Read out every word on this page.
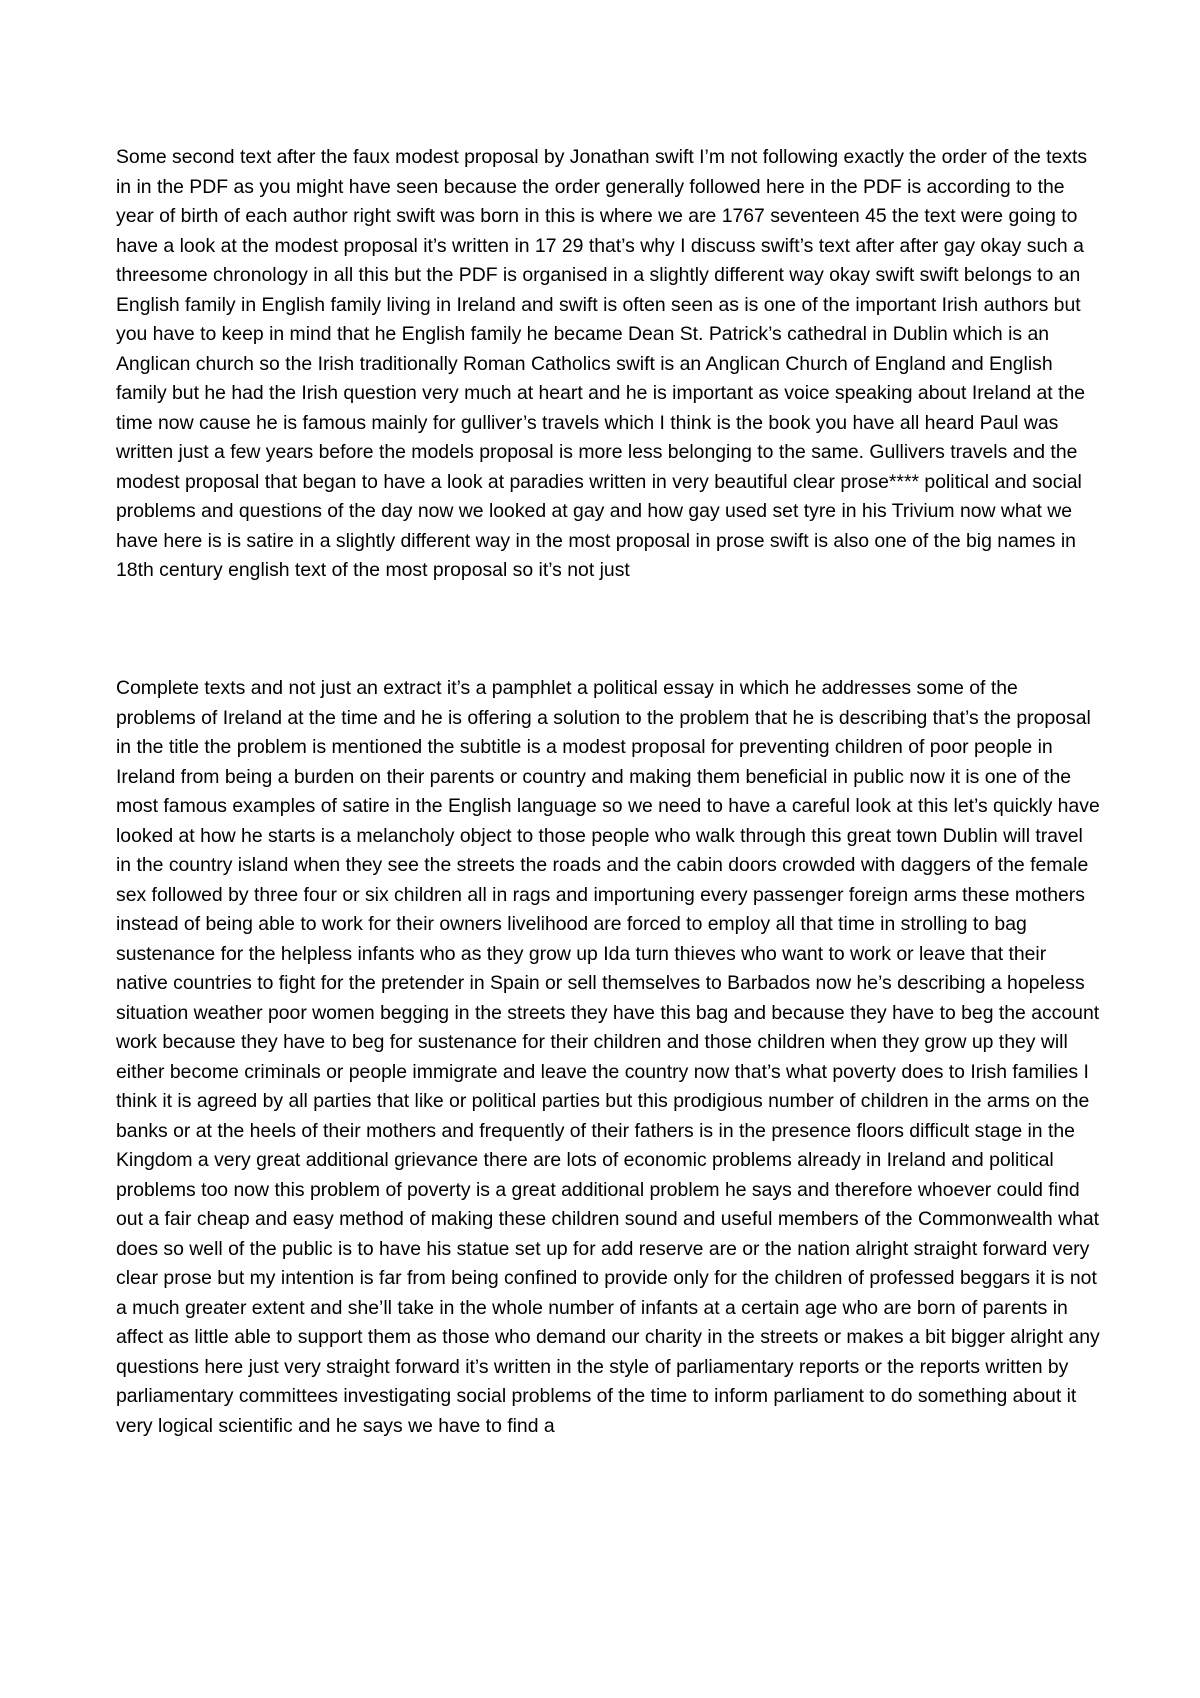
Some second text after the faux modest proposal by Jonathan swift I’m not following exactly the order of the texts in in the PDF as you might have seen because the order generally followed here in the PDF is according to the year of birth of each author right swift was born in this is where we are 1767 seventeen 45 the text were going to have a look at the modest proposal it’s written in 17 29 that’s why I discuss swift’s text after after gay okay such a threesome chronology in all this but the PDF is organised in a slightly different way okay swift swift belongs to an English family in English family living in Ireland and swift is often seen as is one of the important Irish authors but you have to keep in mind that he English family he became Dean St. Patrick’s cathedral in Dublin which is an Anglican church so the Irish traditionally Roman Catholics swift is an Anglican Church of England and English family but he had the Irish question very much at heart and he is important as voice speaking about Ireland at the time now cause he is famous mainly for gulliver’s travels which I think is the book you have all heard Paul was written just a few years before the models proposal is more less belonging to the same. Gullivers travels and the modest proposal that began to have a look at paradies written in very beautiful clear prose**** political and social problems and questions of the day now we looked at gay and how gay used set tyre in his Trivium now what we have here is is satire in a slightly different way in the most proposal in prose swift is also one of the big names in 18th century english text of the most proposal so it’s not just

Complete texts and not just an extract it’s a pamphlet a political essay in which he addresses some of the problems of Ireland at the time and he is offering a solution to the problem that he is describing that’s the proposal in the title the problem is mentioned the subtitle is a modest proposal for preventing children of poor people in Ireland from being a burden on their parents or country and making them beneficial in public now it is one of the most famous examples of satire in the English language so we need to have a careful look at this let’s quickly have looked at how he starts is a melancholy object to those people who walk through this great town Dublin will travel in the country island when they see the streets the roads and the cabin doors crowded with daggers of the female sex followed by three four or six children all in rags and importuning every passenger foreign arms these mothers instead of being able to work for their owners livelihood are forced to employ all that time in strolling to bag sustenance for the helpless infants who as they grow up Ida turn thieves who want to work or leave that their native countries to fight for the pretender in Spain or sell themselves to Barbados now he’s describing a hopeless situation weather poor women begging in the streets they have this bag and because they have to beg the account work because they have to beg for sustenance for their children and those children when they grow up they will either become criminals or people immigrate and leave the country now that’s what poverty does to Irish families I think it is agreed by all parties that like or political parties but this prodigious number of children in the arms on the banks or at the heels of their mothers and frequently of their fathers is in the presence floors difficult stage in the Kingdom a very great additional grievance there are lots of economic problems already in Ireland and political problems too now this problem of poverty is a great additional problem he says and therefore whoever could find out a fair cheap and easy method of making these children sound and useful members of the Commonwealth what does so well of the public is to have his statue set up for add reserve are or the nation alright straight forward very clear prose but my intention is far from being confined to provide only for the children of professed beggars it is not a much greater extent and she’ll take in the whole number of infants at a certain age who are born of parents in affect as little able to support them as those who demand our charity in the streets or makes a bit bigger alright any questions here just very straight forward it’s written in the style of parliamentary reports or the reports written by parliamentary committees investigating social problems of the time to inform parliament to do something about it very logical scientific and he says we have to find a
